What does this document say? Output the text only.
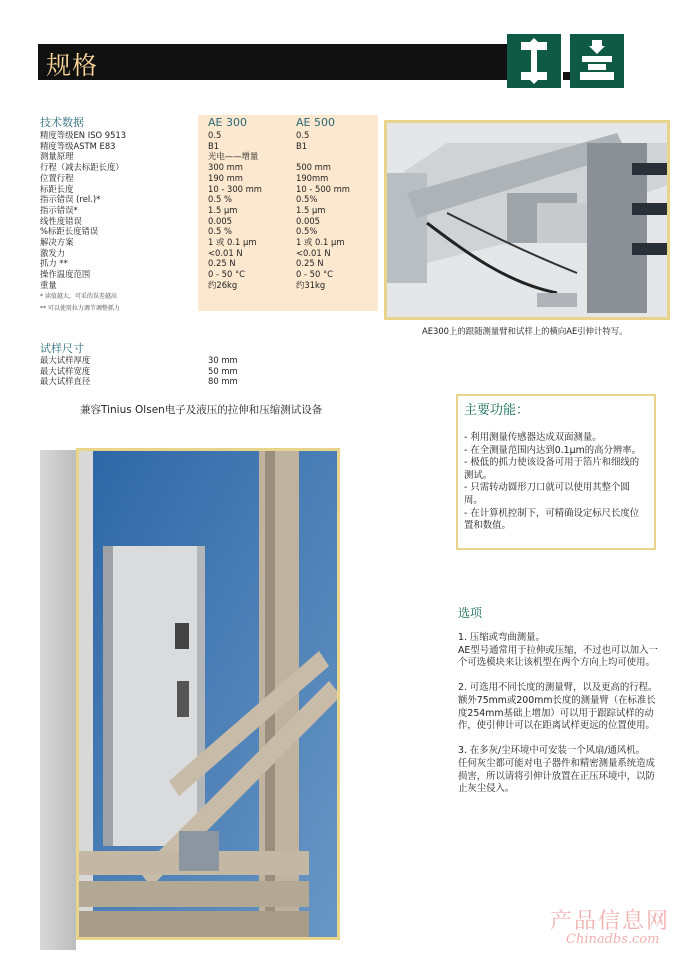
规格
技术数据	AE 300	AE 500
精度等级EN ISO 9513	0.5	0.5
精度等级ASTM E83	B1	B1
测量原理	光电——增量
行程（减去标距长度）	300 mm	500 mm
位置行程	190 mm	190mm
标距长度	10 - 300 mm	10 - 500 mm
指示错误 (rel.)*	0.5 %	0.5%
指示错误*	1.5 μm	1.5 μm
线性度错误	0.005	0.005
%标距长度错误	0.5 %	0.5%
解决方案	1 或 0.1 μm	1 或 0.1 μm
激发力	<0.01 N	<0.01 N
抓力 **	0.25 N	0.25 N
操作温度范围	0 - 50 °C	0 - 50 °C
重量	约26kg	约31kg
* 读值越大，可采的误差越高
** 可以使用拉力调节调整抓力
试样尺寸
最大试样厚度	30 mm
最大试样宽度	50 mm
最大试样直径	80 mm
兼容Tinius Olsen电子及液压的拉伸和压缩测试设备
AE300上的跟随测量臂和试样上的横向AE引伸计特写。
主要功能：
- 利用测量传感器达成双面测量。
- 在全测量范围内达到0.1μm的高分辨率。
- 极低的抓力使该设备可用于箔片和细线的测试。
- 只需转动圆形刀口就可以使用其整个圆周。
- 在计算机控制下，可精确设定标尺长度位置和数值。
选项

1. 压缩或弯曲测量。
AE型号通常用于拉伸或压缩，不过也可以加入一个可选模块来让该机型在两个方向上均可使用。

2. 可选用不同长度的测量臂，以及更高的行程。
额外75mm或200mm长度的测量臂（在标准长度254mm基础上增加）可以用于跟踪试样的动作，使引伸计可以在距离试样更远的位置使用。

3. 在多灰/尘环境中可安装一个风扇/通风机。
任何灰尘都可能对电子器件和精密测量系统造成损害，所以请将引伸计放置在正压环境中，以防止灰尘侵入。

产品信息网
Chinadbs.com
